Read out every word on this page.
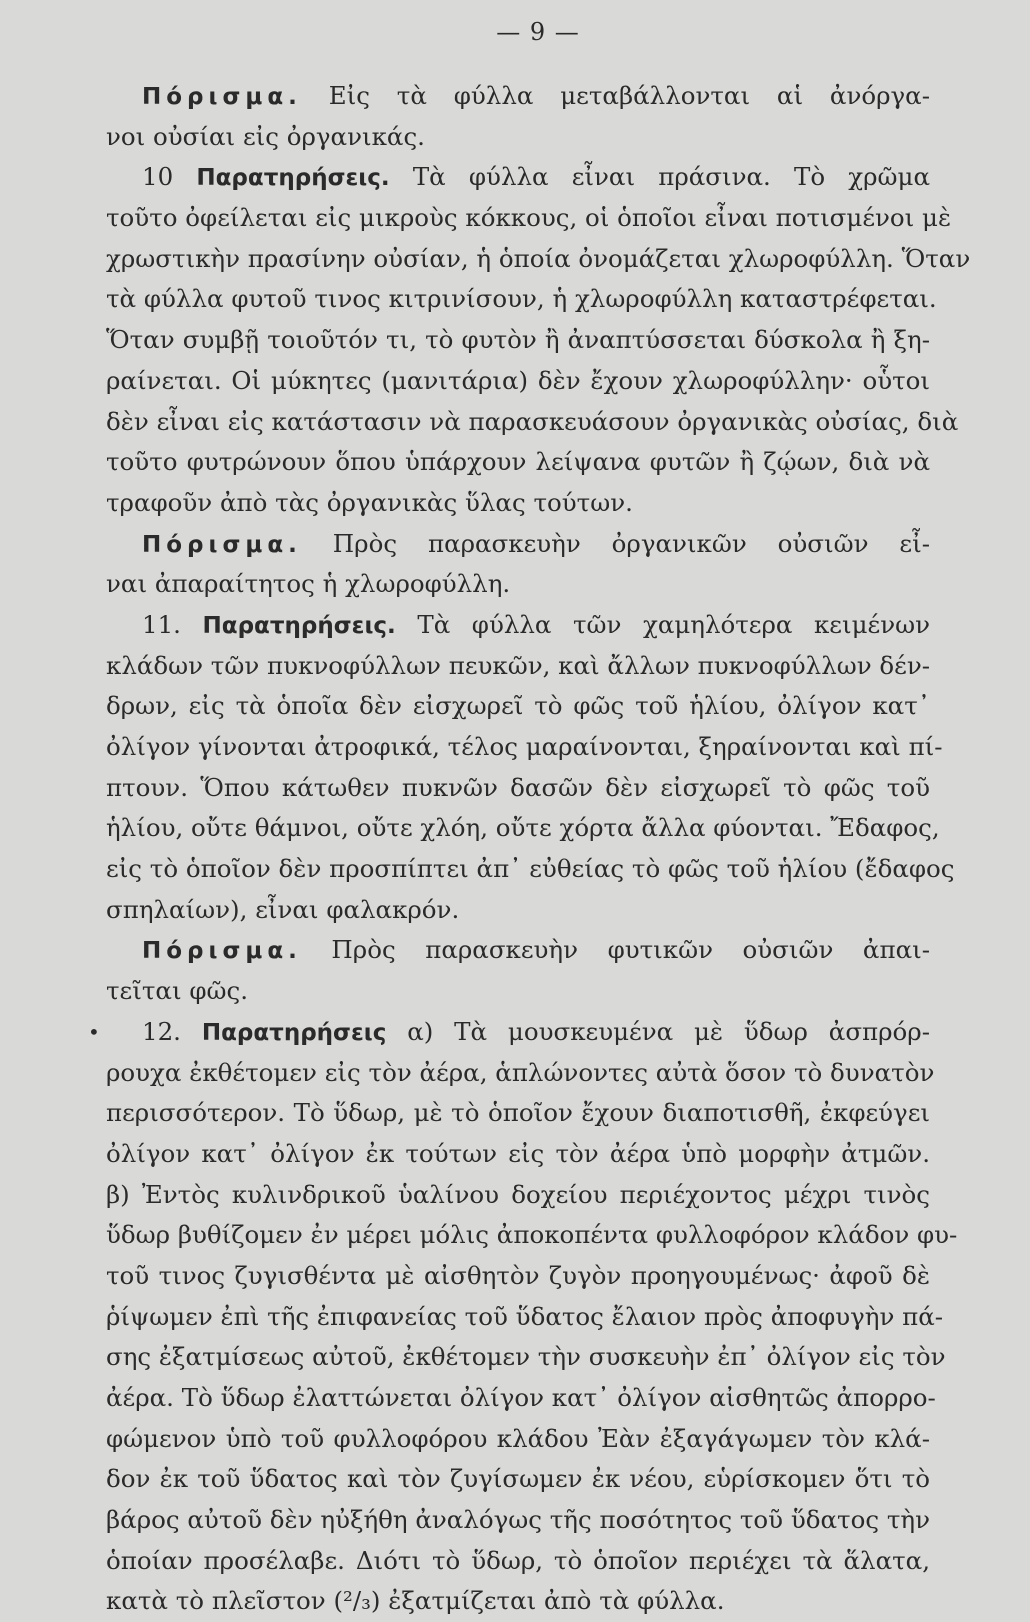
— 9 —
Πόρισμα. Εἰς τὰ φύλλα μεταβάλλονται αἱ ἀνόργα-
νοι οὐσίαι εἰς ὀργανικάς.
10 Παρατηρήσεις. Τὰ φύλλα εἶναι πράσινα. Τὸ χρῶμα
τοῦτο ὀφείλεται εἰς μικροὺς κόκκους, οἱ ὁποῖοι εἶναι ποτισμένοι μὲ
χρωστικὴν πρασίνην οὐσίαν, ἡ ὁποία ὀνομάζεται χλωροφύλλη. Ὅταν
τὰ φύλλα φυτοῦ τινος κιτρινίσουν, ἡ χλωροφύλλη καταστρέφεται.
Ὅταν συμβῇ τοιοῦτόν τι, τὸ φυτὸν ἢ ἀναπτύσσεται δύσκολα ἢ ξη-
ραίνεται. Οἱ μύκητες (μανιτάρια) δὲν ἔχουν χλωροφύλλην· οὗτοι
δὲν εἶναι εἰς κατάστασιν νὰ παρασκευάσουν ὀργανικὰς οὐσίας, διὰ
τοῦτο φυτρώνουν ὅπου ὑπάρχουν λείψανα φυτῶν ἢ ζῴων, διὰ νὰ
τραφοῦν ἀπὸ τὰς ὀργανικὰς ὕλας τούτων.
Πόρισμα. Πρὸς παρασκευὴν ὀργανικῶν οὐσιῶν εἶ-
ναι ἀπαραίτητος ἡ χλωροφύλλη.
11. Παρατηρήσεις. Τὰ φύλλα τῶν χαμηλότερα κειμένων
κλάδων τῶν πυκνοφύλλων πευκῶν, καὶ ἄλλων πυκνοφύλλων δέν-
δρων, εἰς τὰ ὁποῖα δὲν εἰσχωρεῖ τὸ φῶς τοῦ ἡλίου, ὀλίγον κατ᾽
ὀλίγον γίνονται ἀτροφικά, τέλος μαραίνονται, ξηραίνονται καὶ πί-
πτουν. Ὅπου κάτωθεν πυκνῶν δασῶν δὲν εἰσχωρεῖ τὸ φῶς τοῦ
ἡλίου, οὔτε θάμνοι, οὔτε χλόη, οὔτε χόρτα ἄλλα φύονται. Ἔδαφος,
εἰς τὸ ὁποῖον δὲν προσπίπτει ἀπ᾽ εὐθείας τὸ φῶς τοῦ ἡλίου (ἔδαφος
σπηλαίων), εἶναι φαλακρόν.
Πόρισμα. Πρὸς παρασκευὴν φυτικῶν οὐσιῶν ἀπαι-
τεῖται φῶς.
• 12. Παρατηρήσεις α) Τὰ μουσκευμένα μὲ ὕδωρ ἀσπρόρ-
ρουχα ἐκθέτομεν εἰς τὸν ἀέρα, ἁπλώνοντες αὐτὰ ὅσον τὸ δυνατὸν
περισσότερον. Τὸ ὕδωρ, μὲ τὸ ὁποῖον ἔχουν διαποτισθῆ, ἐκφεύγει
ὀλίγον κατ᾽ ὀλίγον ἐκ τούτων εἰς τὸν ἀέρα ὑπὸ μορφὴν ἀτμῶν.
β) Ἐντὸς κυλινδρικοῦ ὑαλίνου δοχείου περιέχοντος μέχρι τινὸς
ὕδωρ βυθίζομεν ἐν μέρει μόλις ἀποκοπέντα φυλλοφόρον κλάδον φυ-
τοῦ τινος ζυγισθέντα μὲ αἰσθητὸν ζυγὸν προηγουμένως· ἀφοῦ δὲ
ῥίψωμεν ἐπὶ τῆς ἐπιφανείας τοῦ ὕδατος ἔλαιον πρὸς ἀποφυγὴν πά-
σης ἐξατμίσεως αὐτοῦ, ἐκθέτομεν τὴν συσκευὴν ἐπ᾽ ὀλίγον εἰς τὸν
ἀέρα. Τὸ ὕδωρ ἐλαττώνεται ὀλίγον κατ᾽ ὀλίγον αἰσθητῶς ἀπορρο-
φώμενον ὑπὸ τοῦ φυλλοφόρου κλάδου Ἐὰν ἐξαγάγωμεν τὸν κλά-
δον ἐκ τοῦ ὕδατος καὶ τὸν ζυγίσωμεν ἐκ νέου, εὑρίσκομεν ὅτι τὸ
βάρος αὐτοῦ δὲν ηὐξήθη ἀναλόγως τῆς ποσότητος τοῦ ὕδατος τὴν
ὁποίαν προσέλαβε. Διότι τὸ ὕδωρ, τὸ ὁποῖον περιέχει τὰ ἅλατα,
κατὰ τὸ πλεῖστον (²/₃) ἐξατμίζεται ἀπὸ τὰ φύλλα.
